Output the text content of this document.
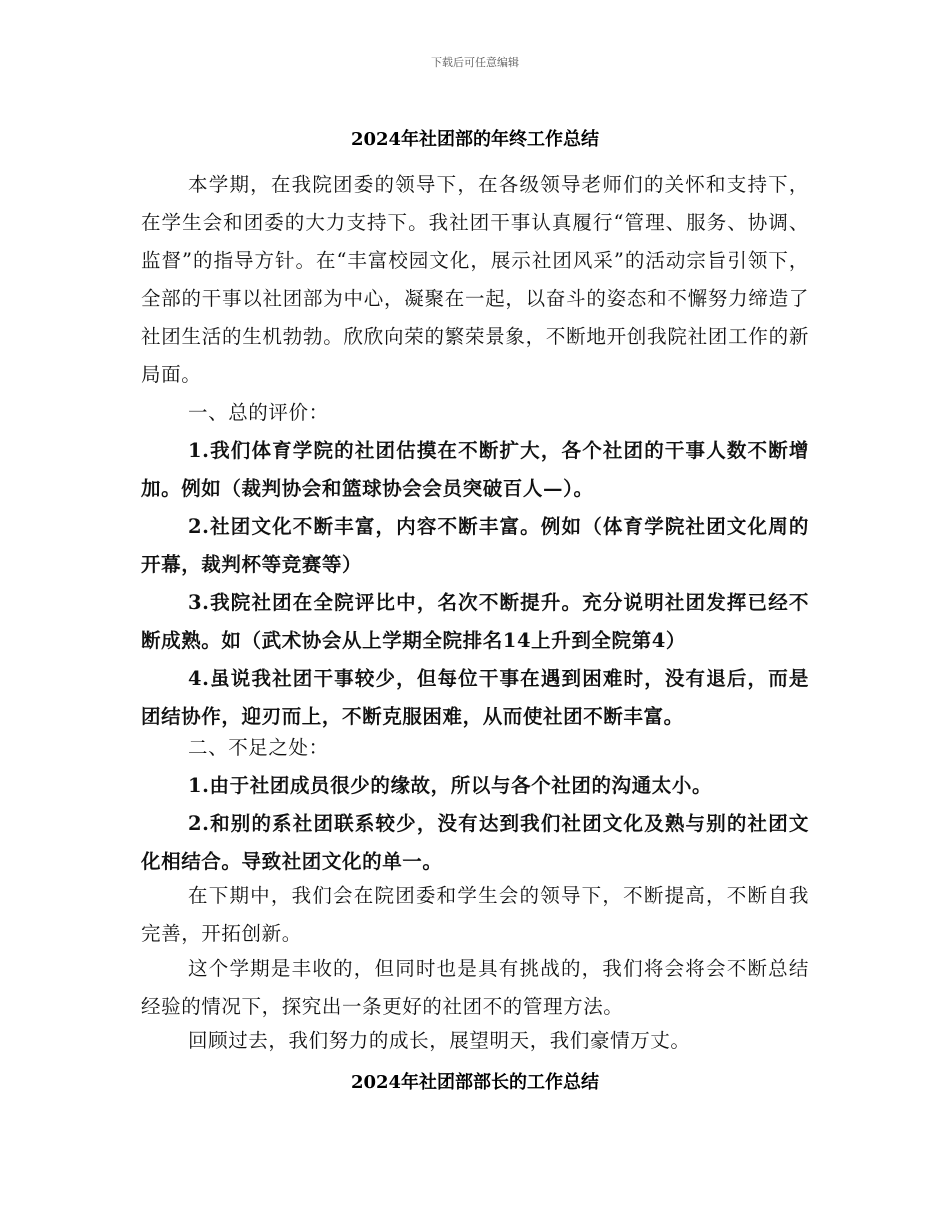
下载后可任意编辑
2024年社团部的年终工作总结

本学期，在我院团委的领导下，在各级领导老师们的关怀和支持下，在学生会和团委的大力支持下。我社团干事认真履行“管理、服务、协调、监督”的指导方针。在“丰富校园文化，展示社团风采”的活动宗旨引领下，全部的干事以社团部为中心，凝聚在一起，以奋斗的姿态和不懈努力缔造了社团生活的生机勃勃。欣欣向荣的繁荣景象，不断地开创我院社团工作的新局面。

一、总的评价：

1.我们体育学院的社团估摸在不断扩大，各个社团的干事人数不断增加。例如（裁判协会和篮球协会会员突破百人—）。

2.社团文化不断丰富，内容不断丰富。例如（体育学院社团文化周的开幕，裁判杯等竞赛等）

3.我院社团在全院评比中，名次不断提升。充分说明社团发挥已经不断成熟。如（武术协会从上学期全院排名14上升到全院第4）

4.虽说我社团干事较少，但每位干事在遇到困难时，没有退后，而是团结协作，迎刃而上，不断克服困难，从而使社团不断丰富。

二、不足之处：

1.由于社团成员很少的缘故，所以与各个社团的沟通太小。

2.和别的系社团联系较少，没有达到我们社团文化及熟与别的社团文化相结合。导致社团文化的单一。

在下期中，我们会在院团委和学生会的领导下，不断提高，不断自我完善，开拓创新。

这个学期是丰收的，但同时也是具有挑战的，我们将会将会不断总结经验的情况下，探究出一条更好的社团不的管理方法。

回顾过去，我们努力的成长，展望明天，我们豪情万丈。

2024年社团部部长的工作总结
